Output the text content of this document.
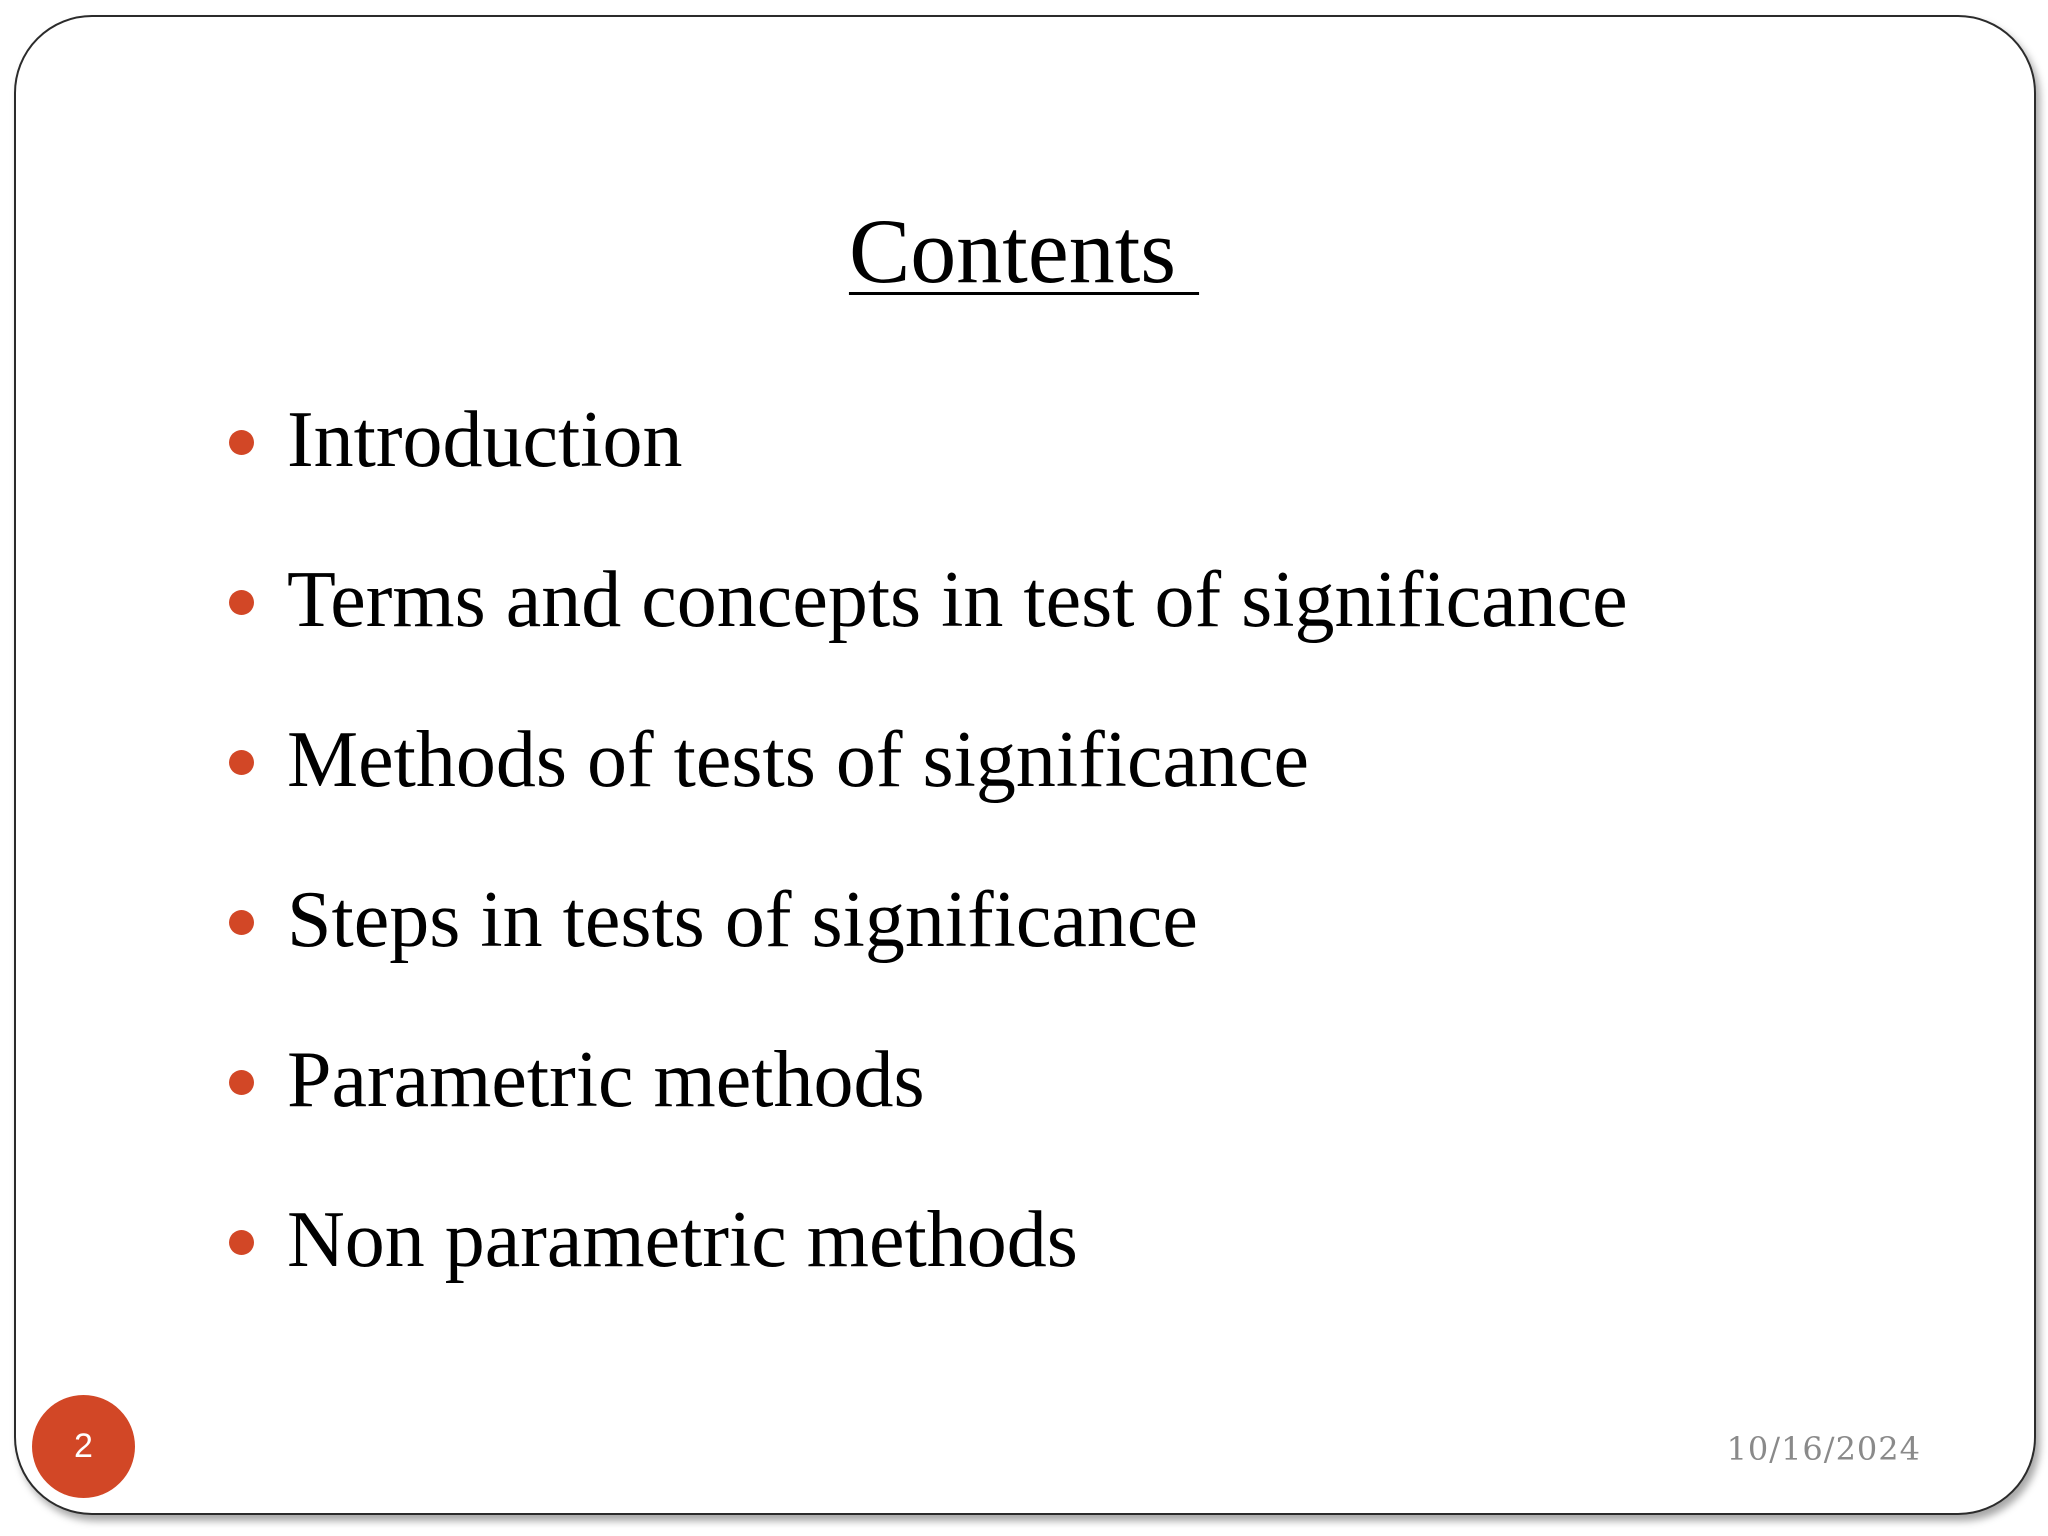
Contents
Introduction
Terms and concepts in test of significance
Methods of tests of significance
Steps in tests of significance
Parametric methods
Non parametric methods
2	10/16/2024
